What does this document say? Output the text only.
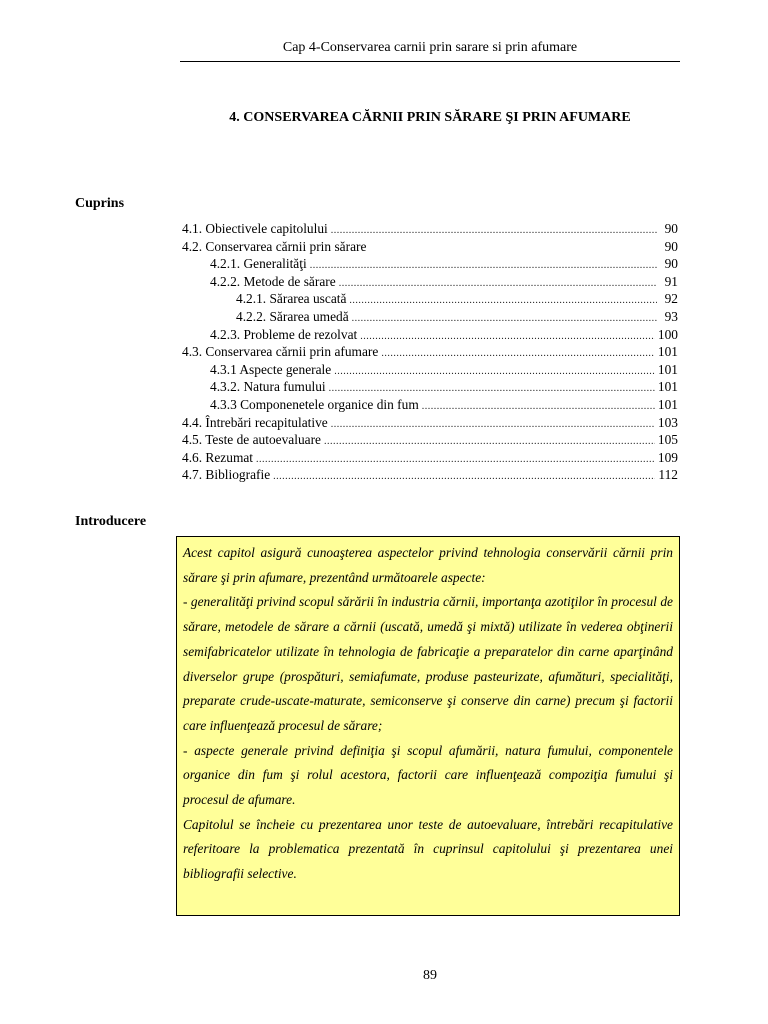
Cap 4-Conservarea carnii prin sarare si prin afumare
4. CONSERVAREA CĂRNII PRIN SĂRARE ŞI PRIN AFUMARE
Cuprins
4.1. Obiectivele capitolului .....	90
4.2. Conservarea cărnii prin sărare	90
4.2.1. Generalităţi .....	90
4.2.2. Metode de sărare .....	91
4.2.1. Sărarea uscată .....	92
4.2.2. Sărarea umedă .....	93
4.2.3. Probleme de rezolvat .....	100
4.3. Conservarea cărnii prin afumare .....	101
4.3.1 Aspecte generale .....	101
4.3.2. Natura fumului .....	101
4.3.3 Componenetele organice din fum .....	101
4.4. Întrebări recapitulative .....	103
4.5. Teste de autoevaluare .....	105
4.6. Rezumat .....	109
4.7. Bibliografie .....	112
Introducere

Acest capitol asigură cunoaşterea aspectelor privind tehnologia conservării cărnii prin sărare şi prin afumare, prezentând următoarele aspecte:

- generalităţi privind scopul sărării în industria cărnii, importanţa azotiţilor în procesul de sărare, metodele de sărare a cărnii (uscată, umedă şi mixtă) utilizate în vederea obţinerii semifabricatelor utilizate în tehnologia de fabricaţie a preparatelor din carne aparţinând diverselor grupe (prospături, semiafumate, produse pasteurizate, afumături, specialităţi, preparate crude-uscate-maturate, semiconserve şi conserve din carne) precum şi factorii care influenţează procesul de sărare;

- aspecte generale privind definiţia şi scopul afumării, natura fumului, componentele organice din fum şi rolul acestora, factorii care influenţează compoziţia fumului şi procesul de afumare.

Capitolul se încheie cu prezentarea unor teste de autoevaluare, întrebări recapitulative referitoare la problematica prezentată în cuprinsul capitolului şi prezentarea unei bibliografii selective.

89
